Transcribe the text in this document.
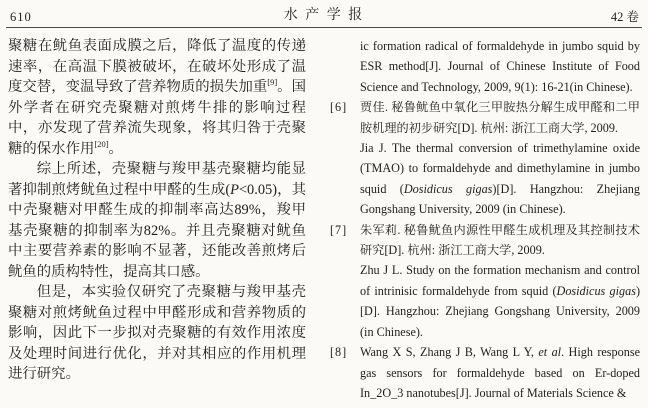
610	水 产 学 报	42 卷

聚糖在鱿鱼表面成膜之后，降低了温度的传递速率，在高温下膜被破坏，在破坏处形成了温度交替，变温导致了营养物质的损失加重[9]。国外学者在研究壳聚糖对煎烤牛排的影响过程中，亦发现了营养流失现象，将其归咎于壳聚糖的保水作用[20]。

综上所述，壳聚糖与羧甲基壳聚糖均能显著抑制煎烤鱿鱼过程中甲醛的生成(P<0.05)，其中壳聚糖对甲醛生成的抑制率高达89%，羧甲基壳聚糖的抑制率为82%。并且壳聚糖对鱿鱼中主要营养素的影响不显著，还能改善煎烤后鱿鱼的质构特性，提高其口感。

但是，本实验仅研究了壳聚糖与羧甲基壳聚糖对煎烤鱿鱼过程中甲醛形成和营养物质的影响，因此下一步拟对壳聚糖的有效作用浓度及处理时间进行优化，并对其相应的作用机理进行研究。

ic formation radical of formaldehyde in jumbo squid by ESR method[J]. Journal of Chinese Institute of Food Science and Technology, 2009, 9(1): 16-21(in Chinese).
[6]	贾佳. 秘鲁鱿鱼中氧化三甲胺热分解生成甲醛和二甲胺机理的初步研究[D]. 杭州: 浙江工商大学, 2009.
Jia J. The thermal conversion of trimethylamine oxide (TMAO) to formaldehyde and dimethylamine in jumbo squid (Dosidicus gigas)[D]. Hangzhou: Zhejiang Gongshang University, 2009 (in Chinese).
[7]	朱军莉. 秘鲁鱿鱼内源性甲醛生成机理及其控制技术研究[D]. 杭州: 浙江工商大学, 2009.
Zhu J L. Study on the formation mechanism and control of intrinisic formaldehyde from squid (Dosidicus gigas)[D]. Hangzhou: Zhejiang Gongshang University, 2009 (in Chinese).
[8]	Wang X S, Zhang J B, Wang L Y, et al. High response gas sensors for formaldehyde based on Er-doped In_2O_3 nanotubes[J]. Journal of Materials Science &
